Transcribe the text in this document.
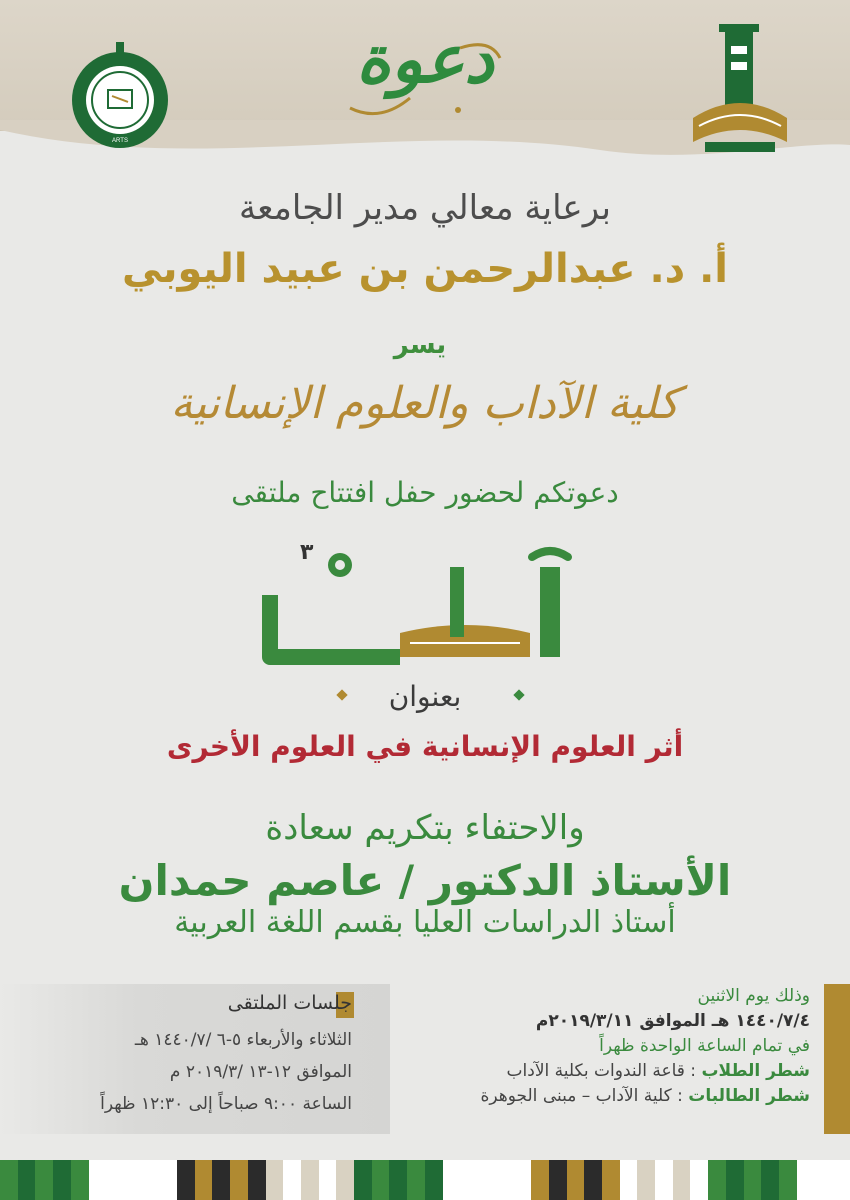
ARTS
دعوة
برعاية معالي مدير الجامعة
أ. د. عبدالرحمن بن عبيد اليوبي
يسر
كلية الآداب والعلوم الإنسانية
دعوتكم لحضور حفل افتتاح ملتقى
٣
بعنوان
أثر العلوم الإنسانية في العلوم الأخرى
والاحتفاء بتكريم سعادة
الأستاذ الدكتور / عاصم حمدان
أستاذ الدراسات العليا بقسم اللغة العربية
وذلك يوم الاثنين
١٤٤٠/٧/٤ هـ الموافق ٢٠١٩/٣/١١م
في تمام الساعة الواحدة ظهراً
شطر الطلاب : قاعة الندوات بكلية الآداب
شطر الطالبات : كلية الآداب – مبنى الجوهرة
جلسات الملتقى
الثلاثاء والأربعاء ٥-٦ /١٤٤٠/٧ هـ
الموافق ١٢-١٣ /٢٠١٩/٣ م
الساعة ٩:٠٠ صباحاً إلى ١٢:٣٠ ظهراً
